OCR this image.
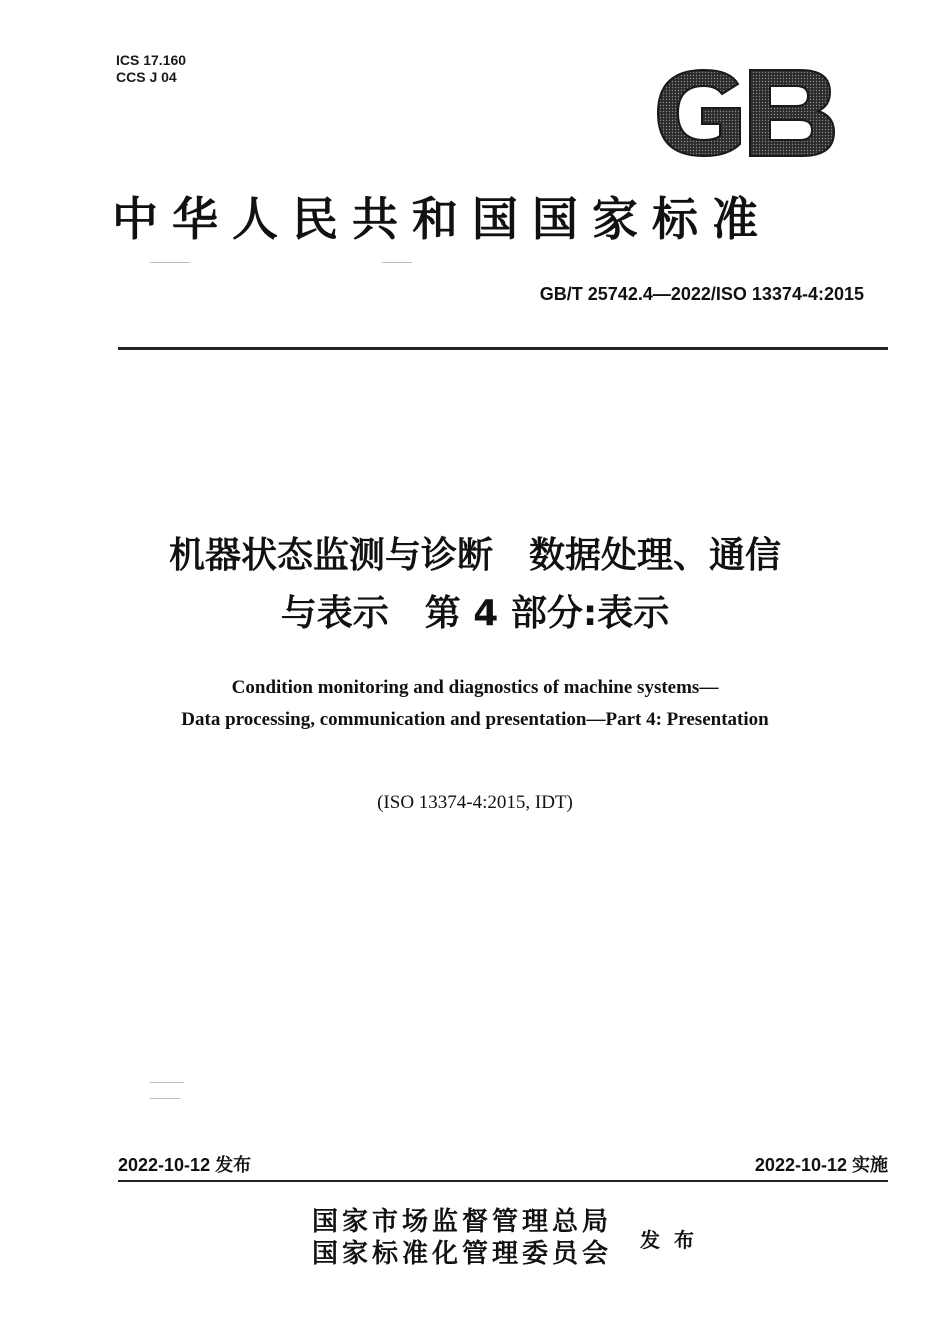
ICS 17.160
CCS J 04
GB
中华人民共和国国家标准
GB/T 25742.4—2022/ISO 13374-4:2015
机器状态监测与诊断　数据处理、通信
与表示　第 4 部分:表示
Condition monitoring and diagnostics of machine systems—
Data processing, communication and presentation—Part 4: Presentation
(ISO 13374-4:2015, IDT)
2022-10-12 发布	2022-10-12 实施
国家市场监督管理总局
国家标准化管理委员会 发布
